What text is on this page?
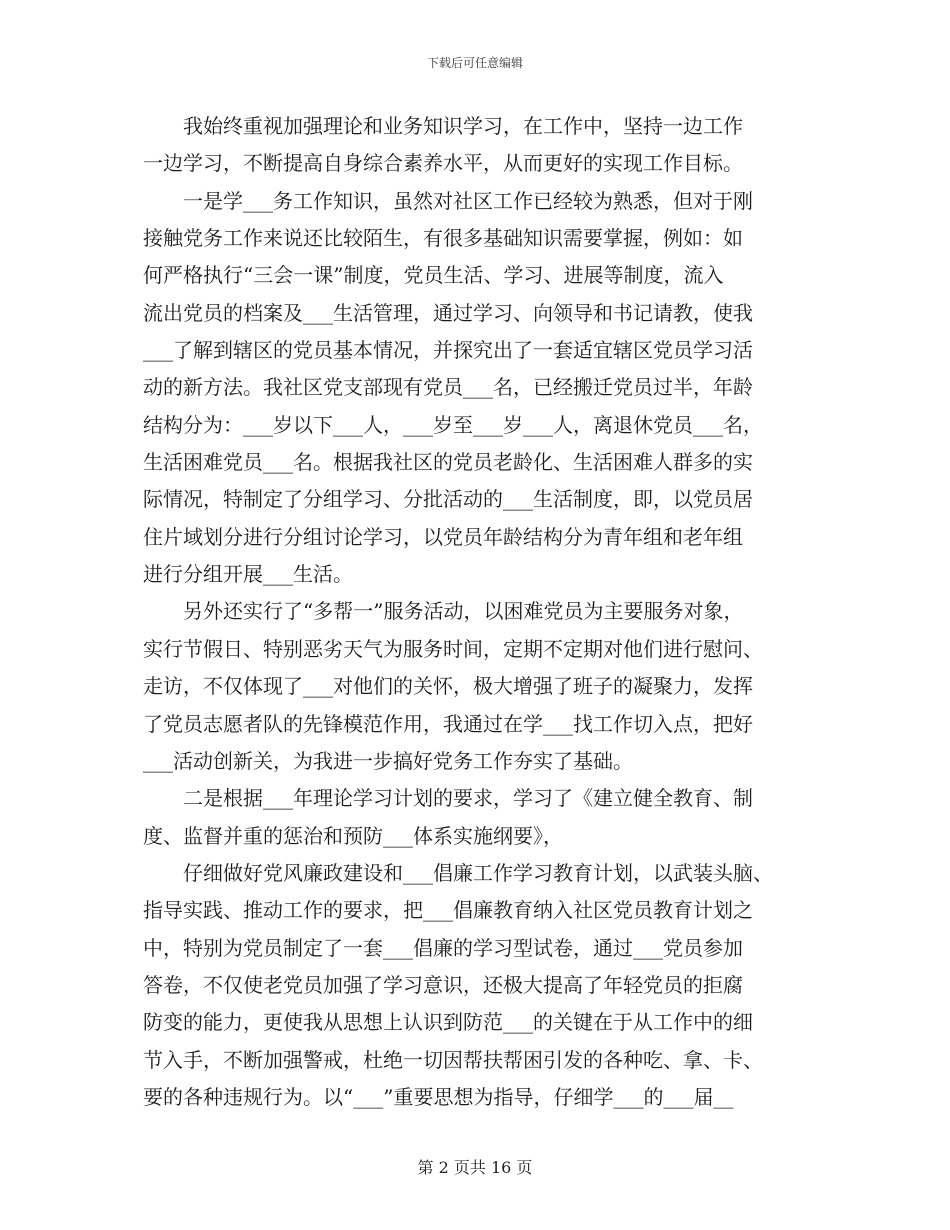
下载后可任意编辑
　　我始终重视加强理论和业务知识学习，在工作中，坚持一边工作
一边学习，不断提高自身综合素养水平，从而更好的实现工作目标。
　　一是学___务工作知识，虽然对社区工作已经较为熟悉，但对于刚
接触党务工作来说还比较陌生，有很多基础知识需要掌握，例如：如
何严格执行“三会一课”制度，党员生活、学习、进展等制度，流入
流出党员的档案及___生活管理，通过学习、向领导和书记请教，使我
___了解到辖区的党员基本情况，并探究出了一套适宜辖区党员学习活
动的新方法。我社区党支部现有党员___名，已经搬迁党员过半，年龄
结构分为：___岁以下___人，___岁至___岁___人，离退休党员___名，
生活困难党员___名。根据我社区的党员老龄化、生活困难人群多的实
际情况，特制定了分组学习、分批活动的___生活制度，即，以党员居
住片域划分进行分组讨论学习，以党员年龄结构分为青年组和老年组
进行分组开展___生活。
　　另外还实行了“多帮一”服务活动，以困难党员为主要服务对象，
实行节假日、特别恶劣天气为服务时间，定期不定期对他们进行慰问、
走访，不仅体现了___对他们的关怀，极大增强了班子的凝聚力，发挥
了党员志愿者队的先锋模范作用，我通过在学___找工作切入点，把好
___活动创新关，为我进一步搞好党务工作夯实了基础。
　　二是根据___年理论学习计划的要求，学习了《建立健全教育、制
度、监督并重的惩治和预防___体系实施纲要》，
　　仔细做好党风廉政建设和___倡廉工作学习教育计划，以武装头脑、
指导实践、推动工作的要求，把___倡廉教育纳入社区党员教育计划之
中，特别为党员制定了一套___倡廉的学习型试卷，通过___党员参加
答卷，不仅使老党员加强了学习意识，还极大提高了年轻党员的拒腐
防变的能力，更使我从思想上认识到防范___的关键在于从工作中的细
节入手，不断加强警戒，杜绝一切因帮扶帮困引发的各种吃、拿、卡、
要的各种违规行为。以“___”重要思想为指导，仔细学___的___届__
第 2 页共 16 页
